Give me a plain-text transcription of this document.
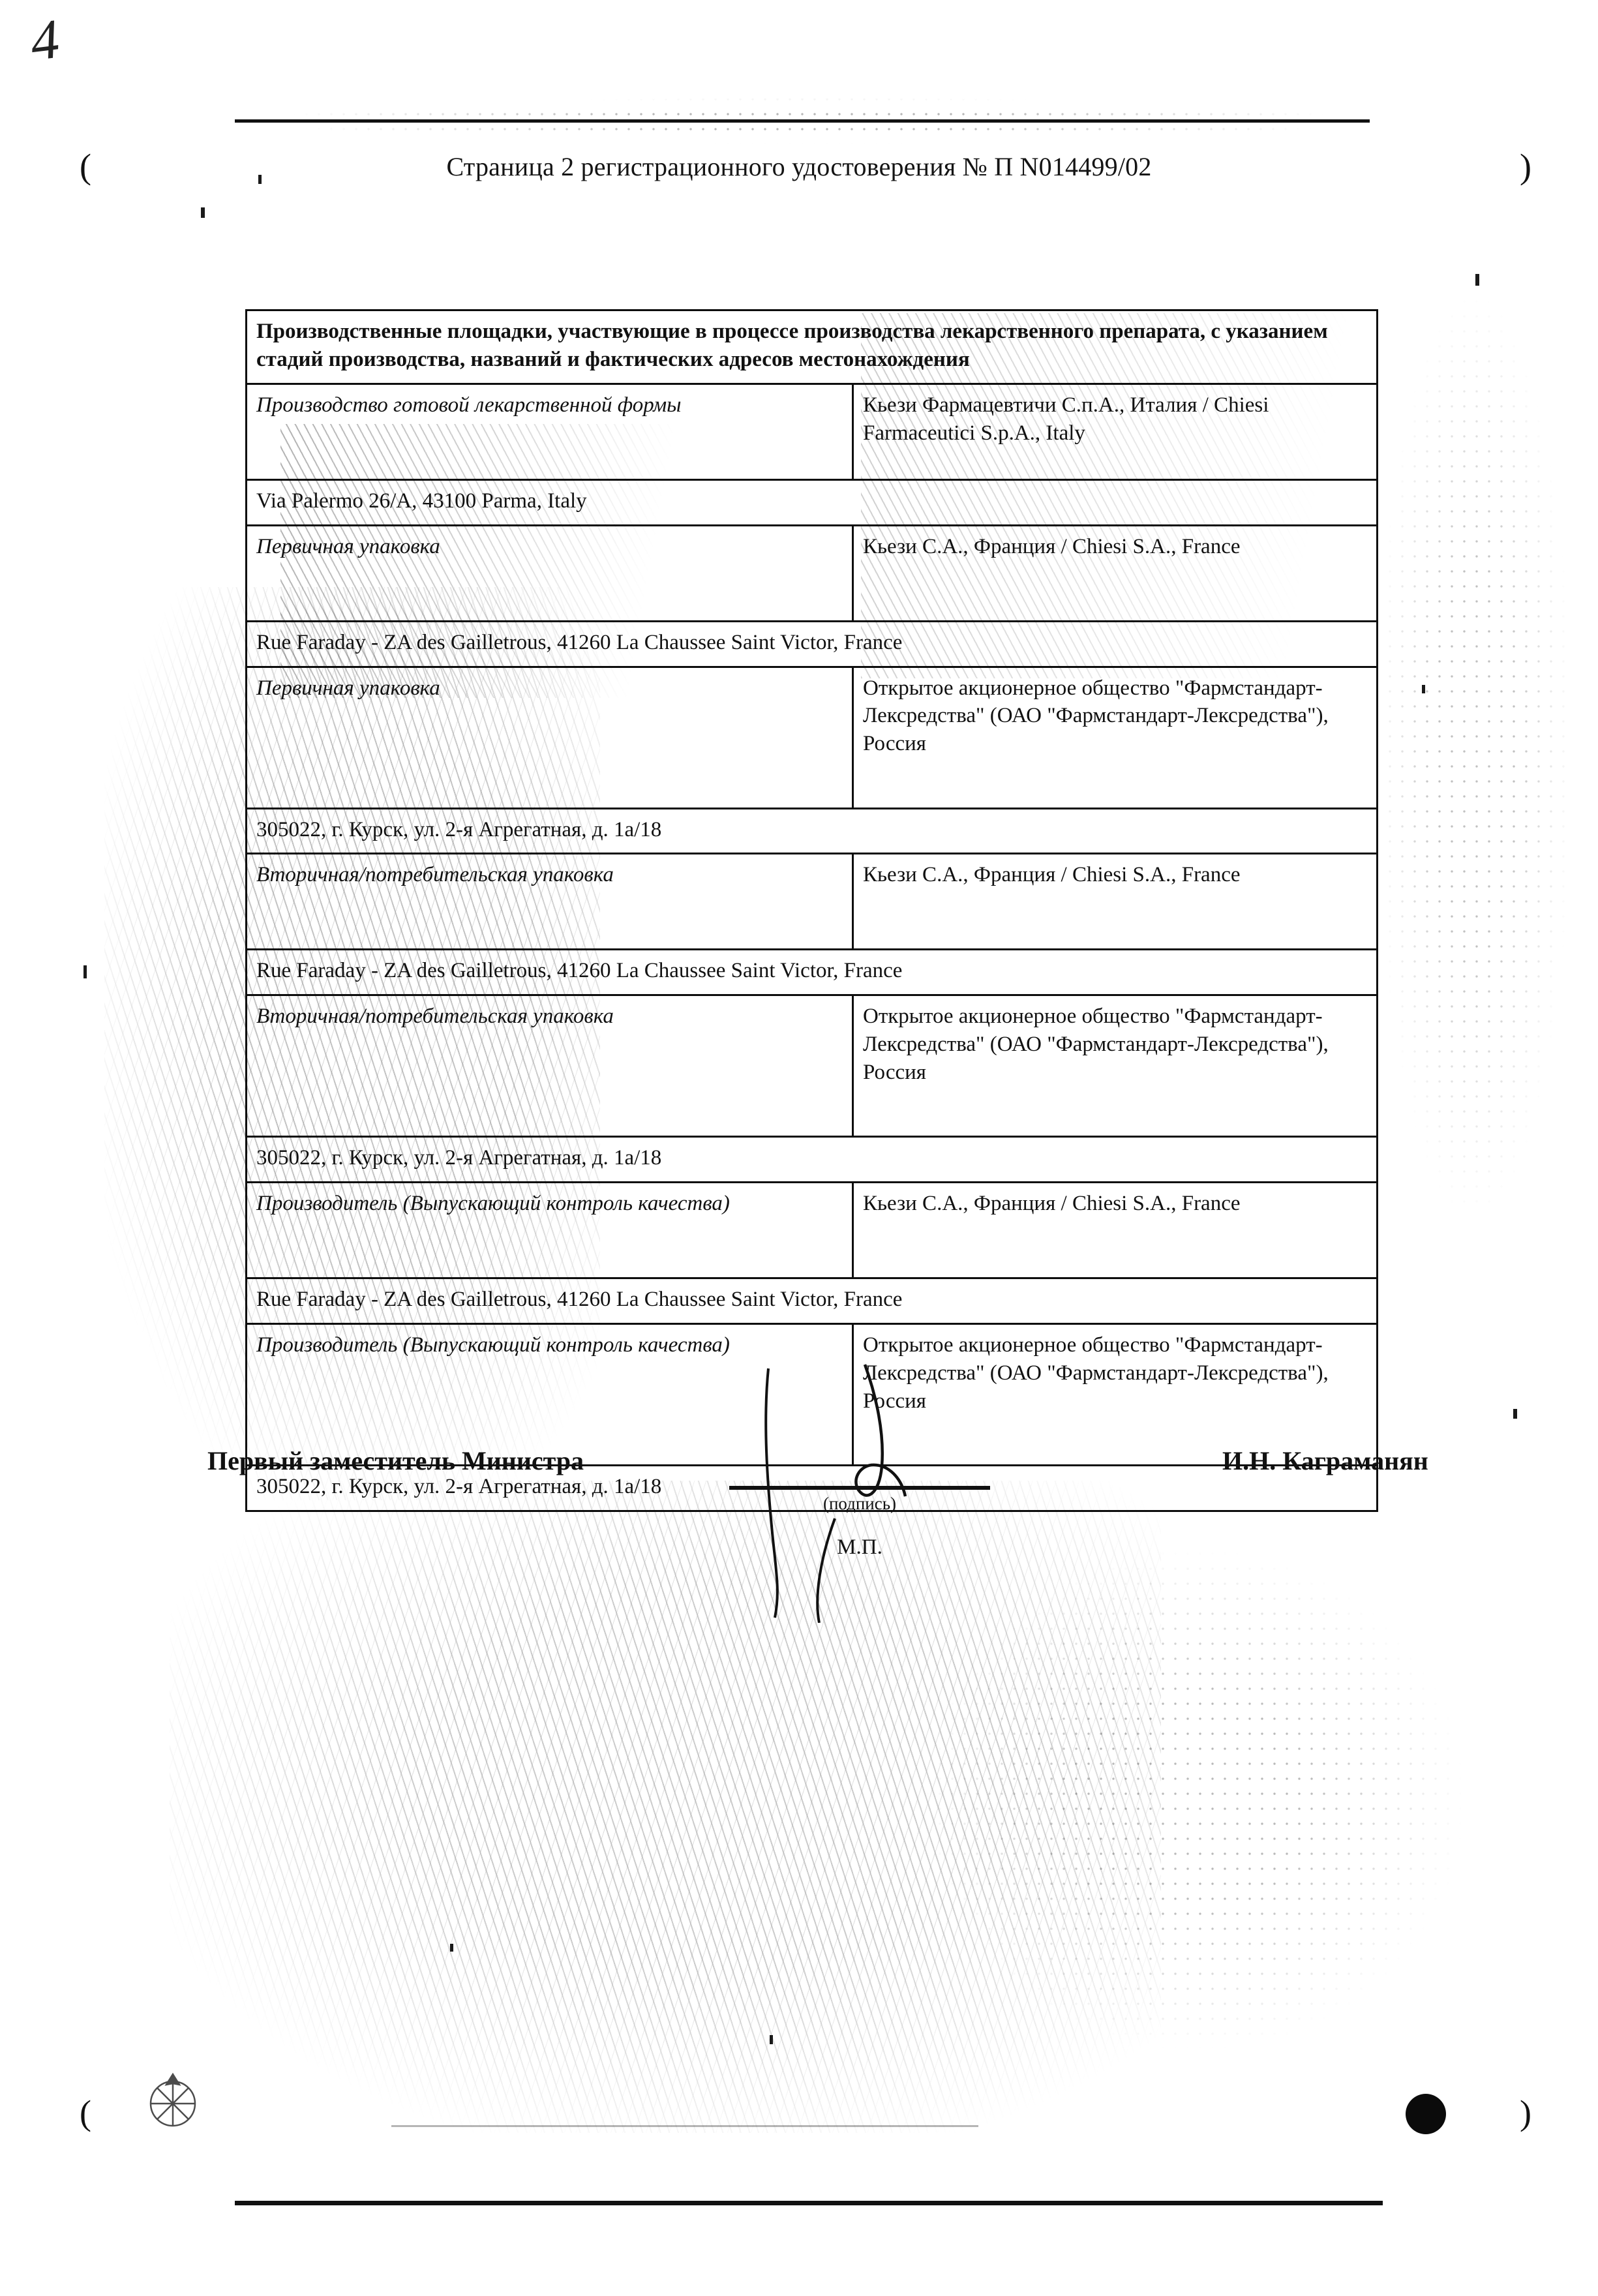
4
(	)
(	)
Страница 2 регистрационного удостоверения № П N014499/02
Производственные площадки, участвующие в процессе производства лекарственного препарата, с указанием стадий производства, названий и фактических адресов местонахождения	
Производство готовой лекарственной формы	Кьези Фармацевтичи С.п.А., Италия / Chiesi Farmaceutici S.p.A., Italy
Via Palermo 26/A, 43100 Parma, Italy	
Первичная упаковка	Кьези С.А., Франция / Chiesi S.A., France
Rue Faraday - ZA des Gailletrous, 41260 La Chaussee Saint Victor, France	
Первичная упаковка	Открытое акционерное общество "Фармстандарт-Лексредства" (ОАО "Фармстандарт-Лексредства"), Россия
305022, г. Курск, ул. 2-я Агрегатная, д. 1а/18	
Вторичная/потребительская упаковка	Кьези С.А., Франция / Chiesi S.A., France
Rue Faraday - ZA des Gailletrous, 41260 La Chaussee Saint Victor, France	
Вторичная/потребительская упаковка	Открытое акционерное общество "Фармстандарт-Лексредства" (ОАО "Фармстандарт-Лексредства"), Россия
305022, г. Курск, ул. 2-я Агрегатная, д. 1а/18	
Производитель (Выпускающий контроль качества)	Кьези С.А., Франция / Chiesi S.A., France
Rue Faraday - ZA des Gailletrous, 41260 La Chaussee Saint Victor, France	
Производитель (Выпускающий контроль качества)	Открытое акционерное общество "Фармстандарт-Лексредства" (ОАО "Фармстандарт-Лексредства"), Россия
305022, г. Курск, ул. 2-я Агрегатная, д. 1а/18	
Первый заместитель Министра
(подпись)
М.П.
И.Н. Каграманян
